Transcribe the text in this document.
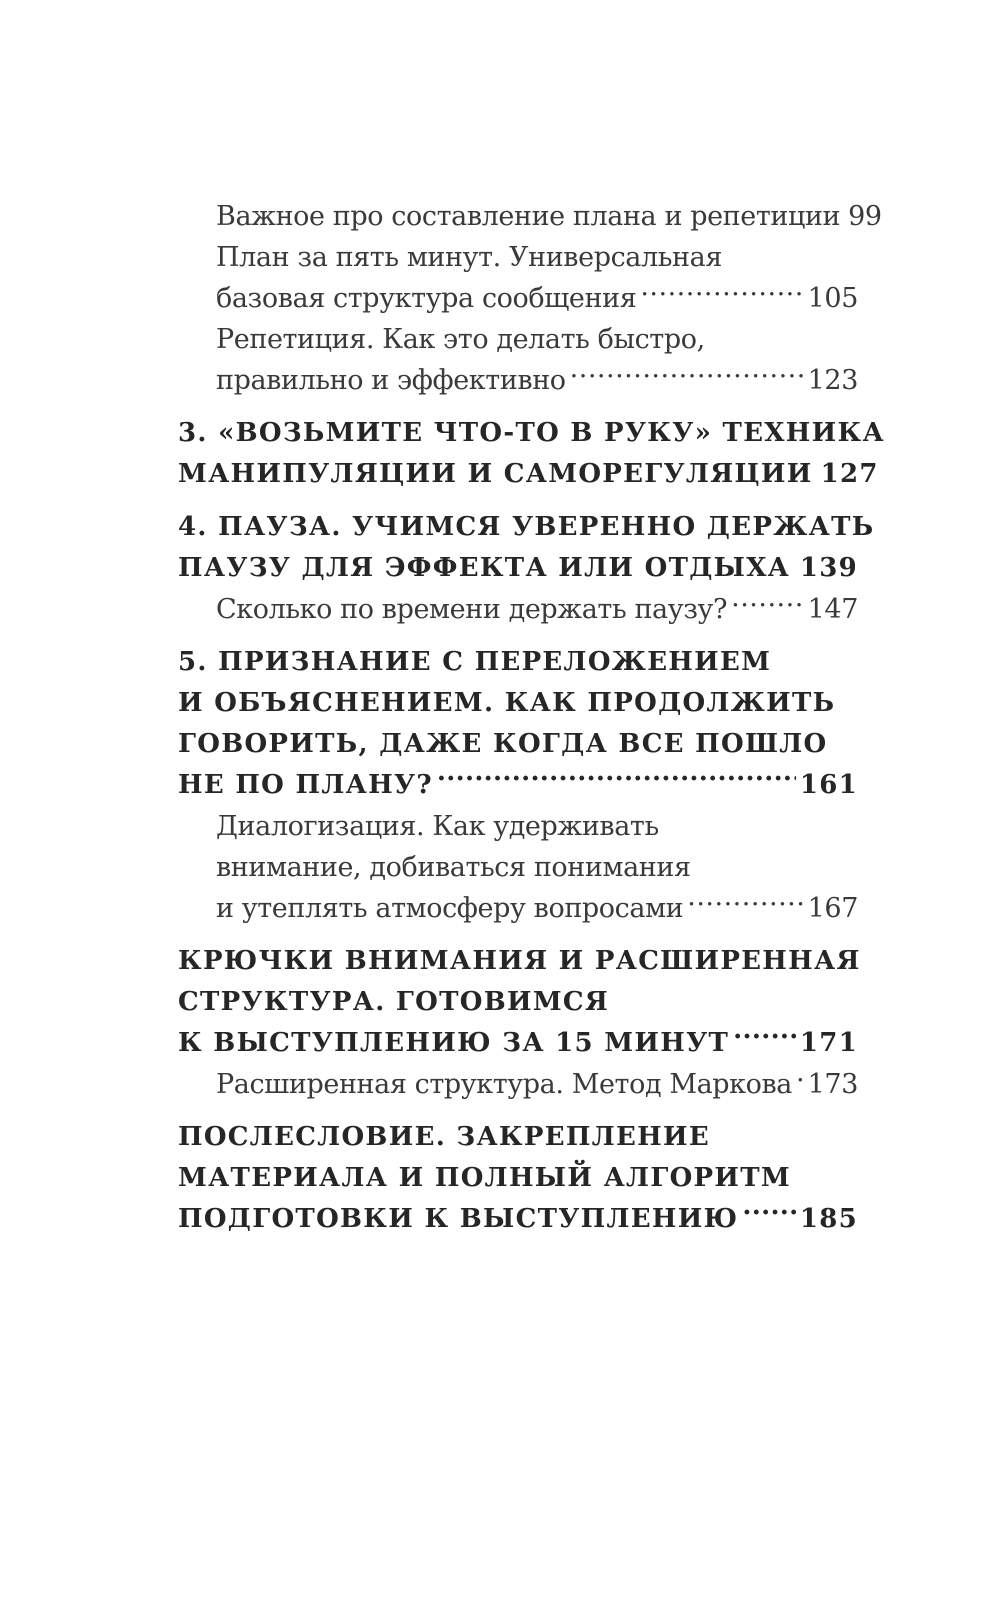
Важное про составление плана и репетиции 99
План за пять минут. Универсальная
базовая структура сообщения .....	105
Репетиция. Как это делать быстро,
правильно и эффективно .....	123
3. «ВОЗЬМИТЕ ЧТО-ТО В РУКУ» ТЕХНИКА
МАНИПУЛЯЦИИ И САМОРЕГУЛЯЦИИ 127
4. ПАУЗА. УЧИМСЯ УВЕРЕННО ДЕРЖАТЬ
ПАУЗУ ДЛЯ ЭФФЕКТА ИЛИ ОТДЫХА ..... 139
Сколько по времени держать паузу? .....	147
5. ПРИЗНАНИЕ С ПЕРЕЛОЖЕНИЕМ
И ОБЪЯСНЕНИЕМ. КАК ПРОДОЛЖИТЬ
ГОВОРИТЬ, ДАЖЕ КОГДА ВСЕ ПОШЛО
НЕ ПО ПЛАНУ? .....	161
Диалогизация. Как удерживать
внимание, добиваться понимания
и утеплять атмосферу вопросами .....	167
КРЮЧКИ ВНИМАНИЯ И РАСШИРЕННАЯ
СТРУКТУРА. ГОТОВИМСЯ
К ВЫСТУПЛЕНИЮ ЗА 15 МИНУТ .....	171
Расширенная структура. Метод Маркова ..... 173
ПОСЛЕСЛОВИЕ. ЗАКРЕПЛЕНИЕ
МАТЕРИАЛА И ПОЛНЫЙ АЛГОРИТМ
ПОДГОТОВКИ К ВЫСТУПЛЕНИЮ ..... 185
